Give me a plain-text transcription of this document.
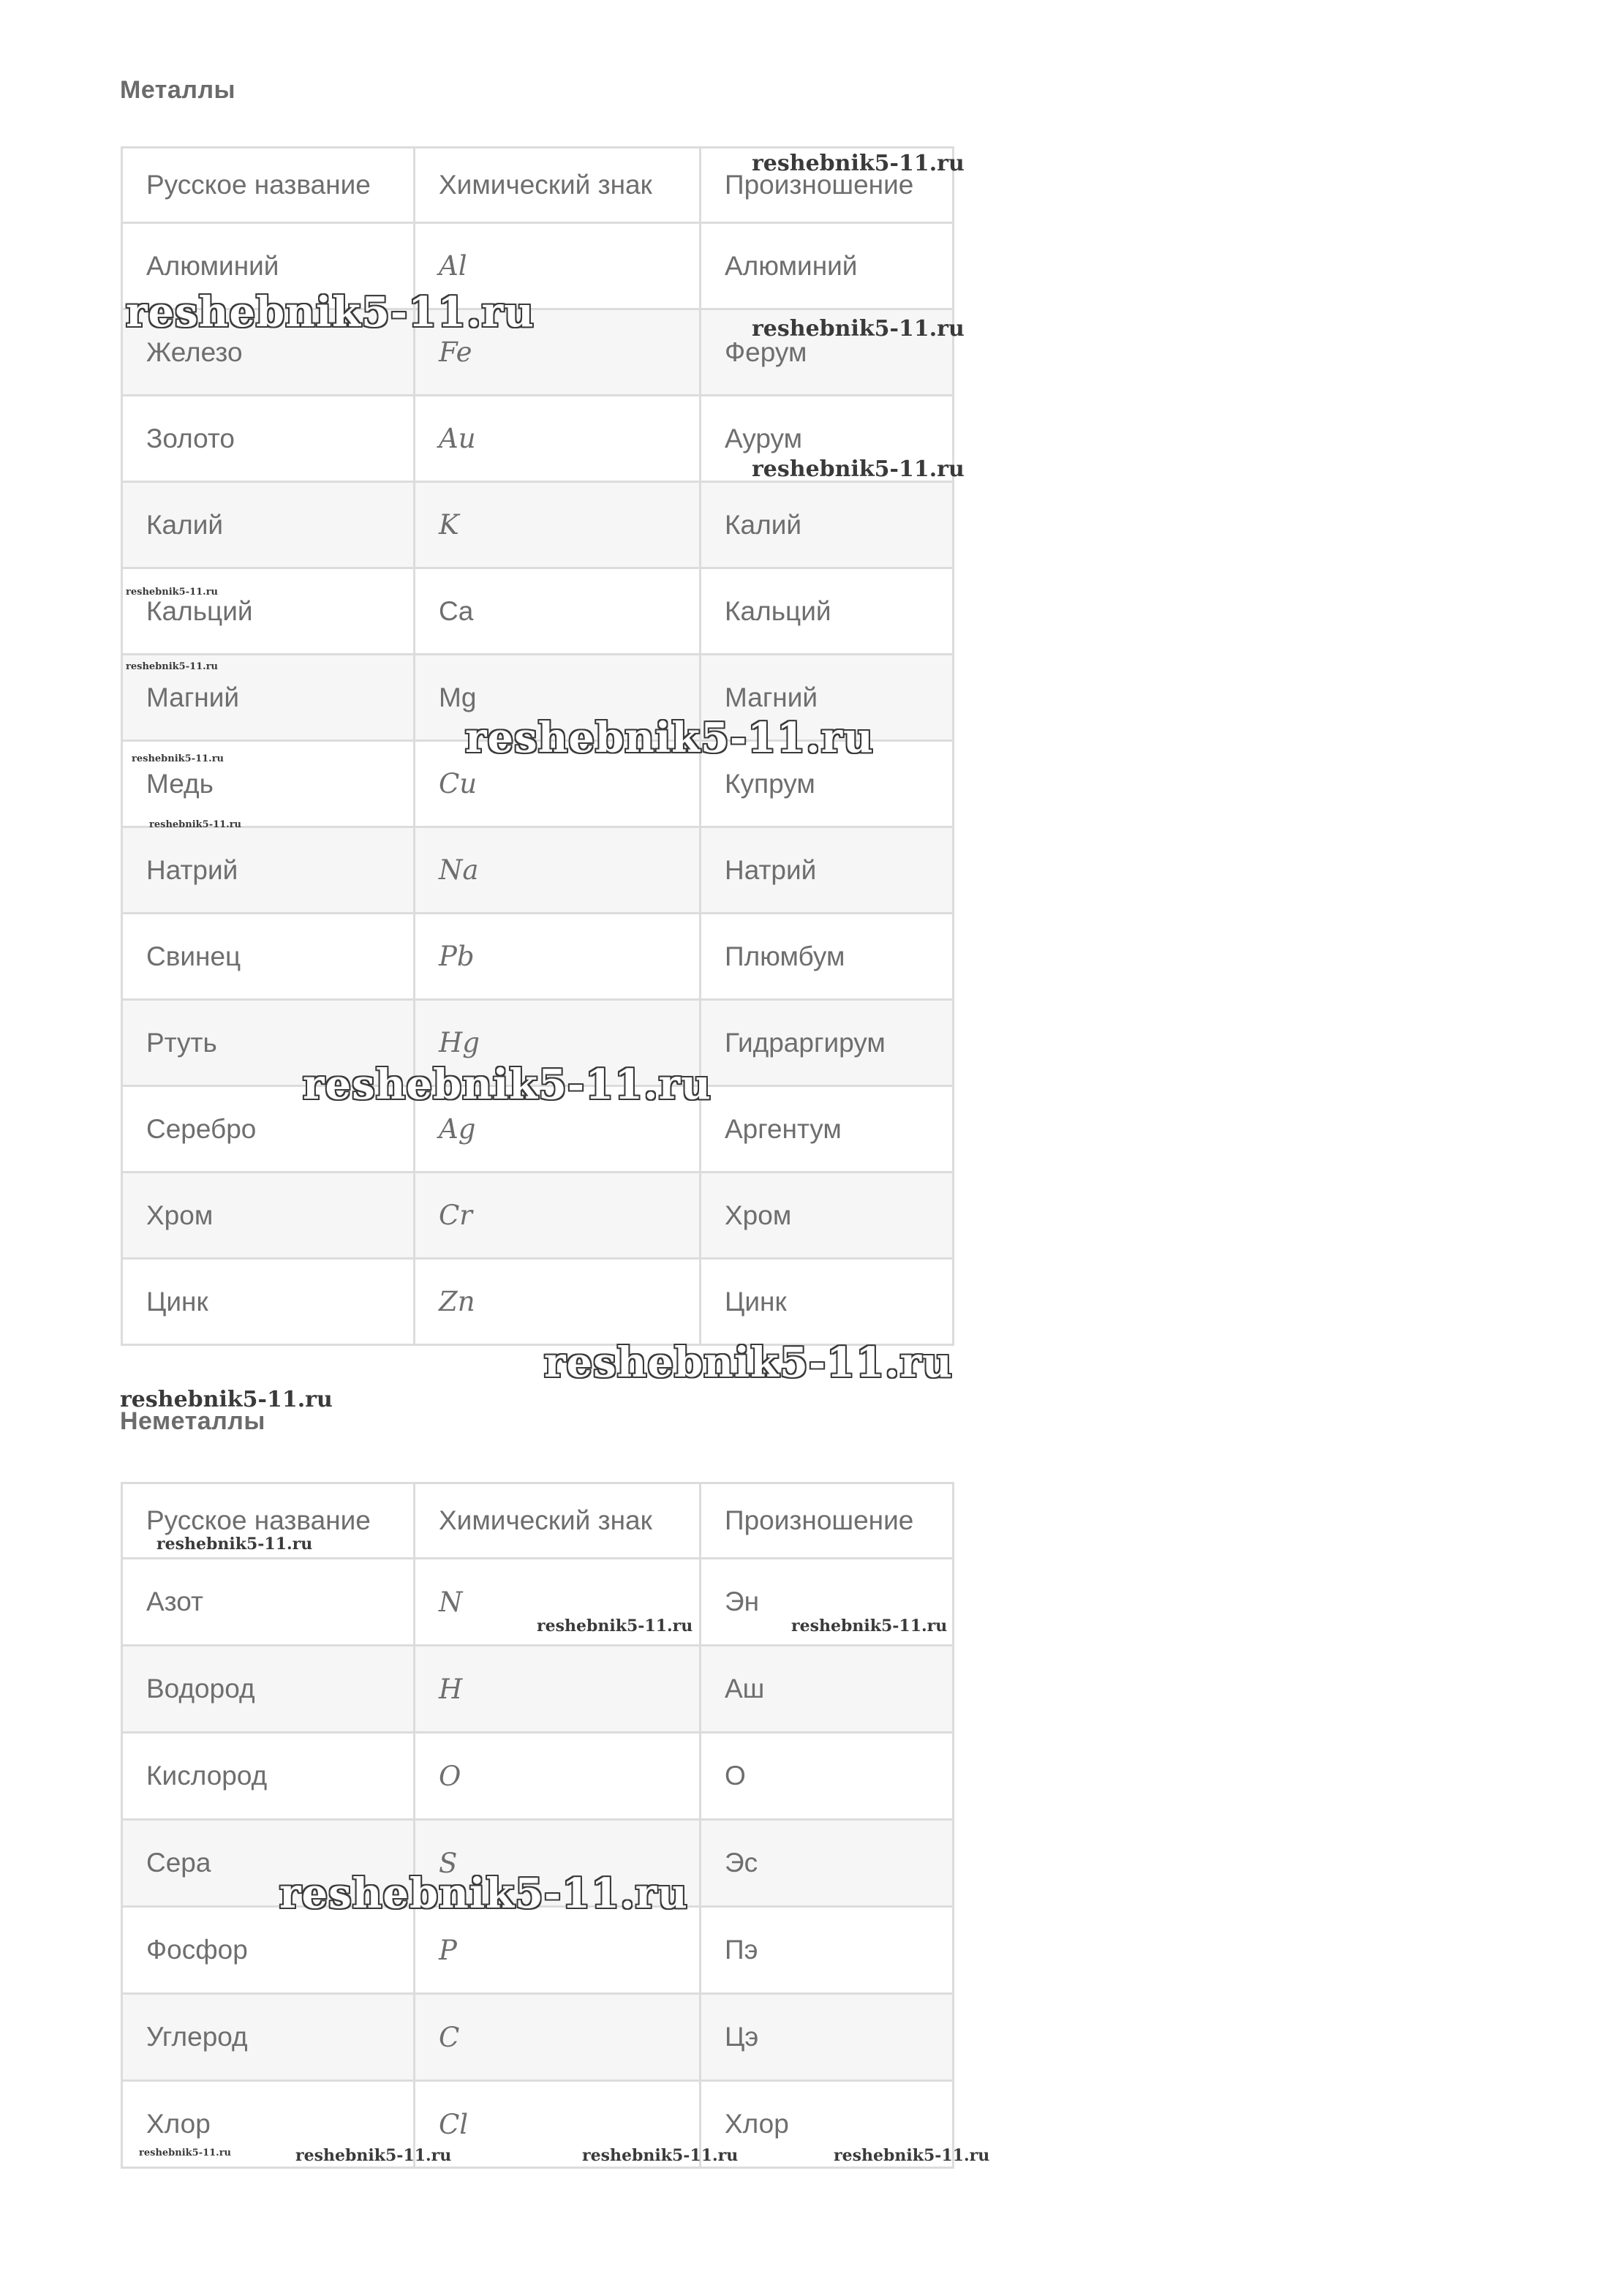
Металлы
Русское название	Химический знак	Произношение
Алюминий	Al	Алюминий
Железо	Fe	Ферум
Золото	Au	Аурум
Калий	K	Калий
Кальций	Ca	Кальций
Магний	Mg	Магний
Медь	Cu	Купрум
Натрий	Na	Натрий
Свинец	Pb	Плюмбум
Ртуть	Hg	Гидраргирум
Серебро	Ag	Аргентум
Хром	Cr	Хром
Цинк	Zn	Цинк
Неметаллы
Русское название	Химический знак	Произношение
Азот	N	Эн
Водород	H	Аш
Кислород	O	О
Сера	S	Эс
Фосфор	P	Пэ
Углерод	C	Цэ
Хлор	Cl	Хлор
reshebnik5-11.ru
reshebnik5-11.ru	reshebnik5-11.ru
reshebnik5-11.ru
reshebnik5-11.ru
reshebnik5-11.ru
reshebnik5-11.ru
reshebnik5-11.ru
reshebnik5-11.ru
reshebnik5-11.ru
reshebnik5-11.ru
reshebnik5-11.ru
reshebnik5-11.ru
reshebnik5-11.ru	reshebnik5-11.ru
reshebnik5-11.ru
reshebnik5-11.ru	reshebnik5-11.ru	reshebnik5-11.ru	reshebnik5-11.ru
